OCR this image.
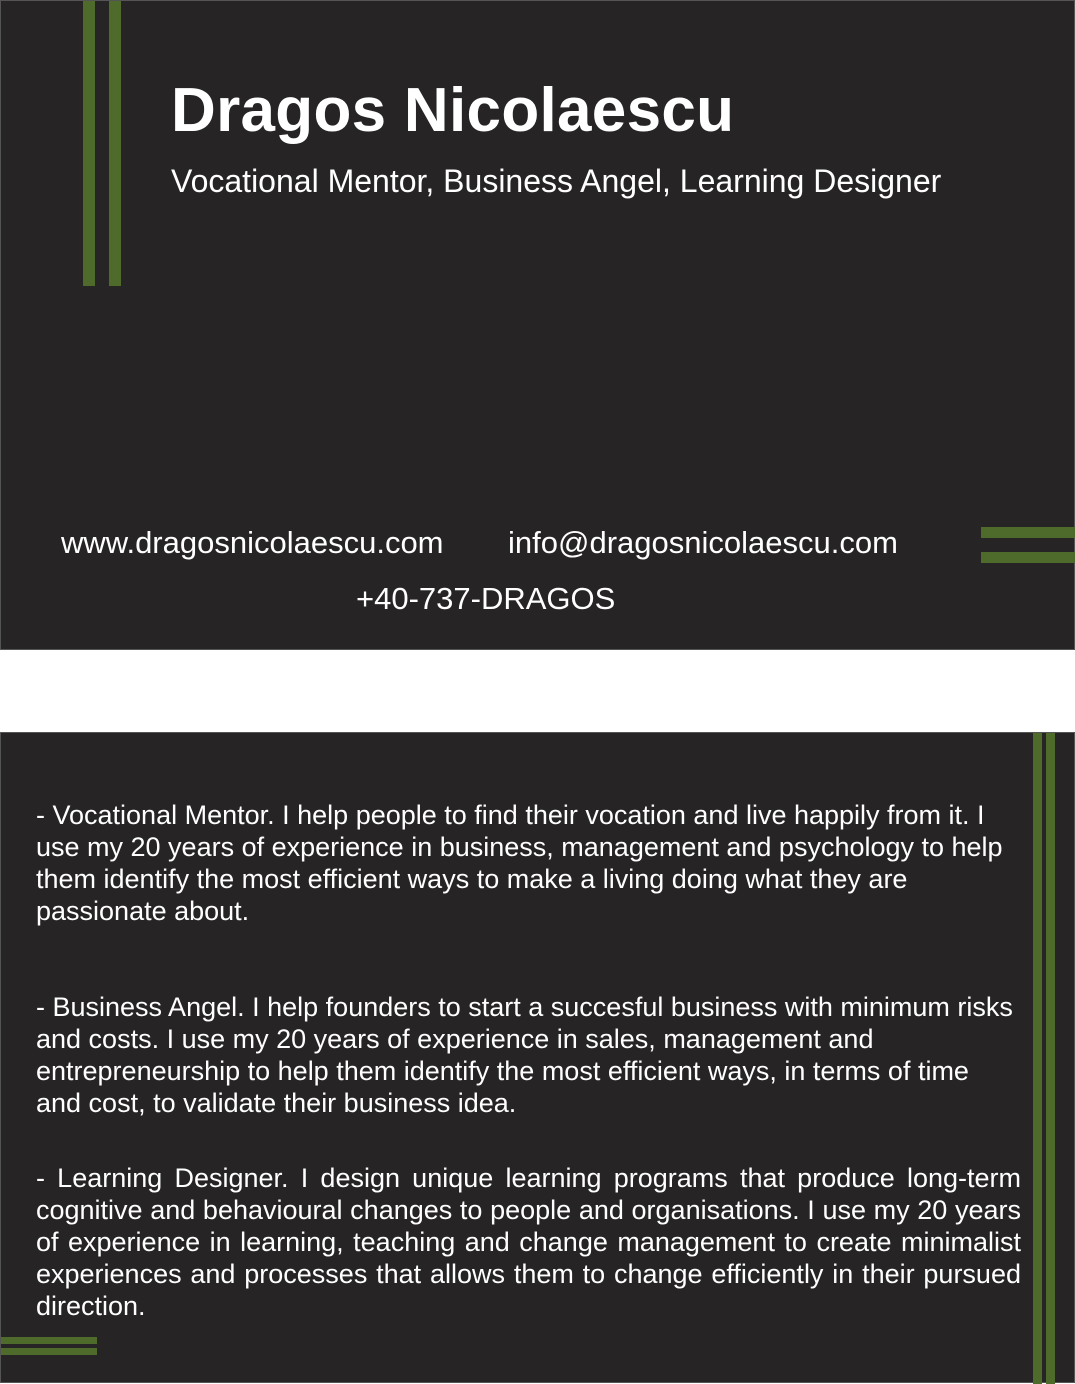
Dragos Nicolaescu
Vocational Mentor, Business Angel, Learning Designer
www.dragosnicolaescu.com info@dragosnicolaescu.com
+40-737-DRAGOS

- Vocational Mentor. I help people to find their vocation and live happily from it. I use my 20 years of experience in business, management and psychology to help them identify the most efficient ways to make a living doing what they are passionate about.

- Business Angel. I help founders to start a succesful business with minimum risks and costs. I use my 20 years of experience in sales, management and entrepreneurship to help them identify the most efficient ways, in terms of time and cost, to validate their business idea.

- Learning Designer. I design unique learning programs that produce long-term cognitive and behavioural changes to people and organisations. I use my 20 years of experience in learning, teaching and change management to create minimalist experiences and processes that allows them to change efficiently in their pursued direction.
